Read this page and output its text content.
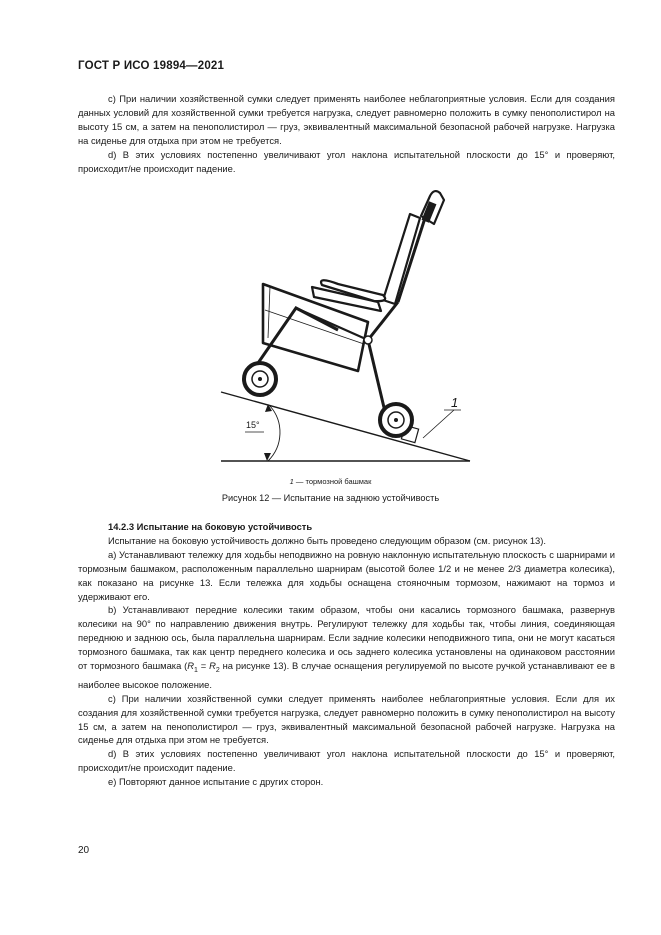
ГОСТ Р ИСО 19894—2021

с) При наличии хозяйственной сумки следует применять наиболее неблагоприятные условия. Если для создания данных условий для хозяйственной сумки требуется нагрузка, следует равномерно положить в сумку пенополистирол на высоту 15 см, а затем на пенополистирол — груз, эквивалентный максимальной безопасной рабочей нагрузке. Нагрузка на сиденье для отдыха при этом не требуется.

d) В этих условиях постепенно увеличивают угол наклона испытательной плоскости до 15° и проверяют, происходит/не происходит падение.

15°
1
1 — тормозной башмак
Рисунок 12 — Испытание на заднюю устойчивость

14.2.3 Испытание на боковую устойчивость

Испытание на боковую устойчивость должно быть проведено следующим образом (см. рисунок 13).

а) Устанавливают тележку для ходьбы неподвижно на ровную наклонную испытательную плоскость с шарнирами и тормозным башмаком, расположенным параллельно шарнирам (высотой более 1/2 и не менее 2/3 диаметра колесика), как показано на рисунке 13. Если тележка для ходьбы оснащена стояночным тормозом, нажимают на тормоз и удерживают его.

b) Устанавливают передние колесики таким образом, чтобы они касались тормозного башмака, развернув колесики на 90° по направлению движения внутрь. Регулируют тележку для ходьбы так, чтобы линия, соединяющая переднюю и заднюю ось, была параллельна шарнирам. Если задние колесики неподвижного типа, они не могут касаться тормозного башмака, так как центр переднего колесика и ось заднего колесика установлены на одинаковом расстоянии от тормозного башмака ($R_1 = R_2$ на рисунке 13). В случае оснащения регулируемой по высоте ручкой устанавливают ее в наиболее высокое положение.

с) При наличии хозяйственной сумки следует применять наиболее неблагоприятные условия. Если для их создания для хозяйственной сумки требуется нагрузка, следует равномерно положить в сумку пенополистирол на высоту 15 см, а затем на пенополистирол — груз, эквивалентный максимальной безопасной рабочей нагрузке. Нагрузка на сиденье для отдыха при этом не требуется.

d) В этих условиях постепенно увеличивают угол наклона испытательной плоскости до 15° и проверяют, происходит/не происходит падение.

е) Повторяют данное испытание с других сторон.

20
